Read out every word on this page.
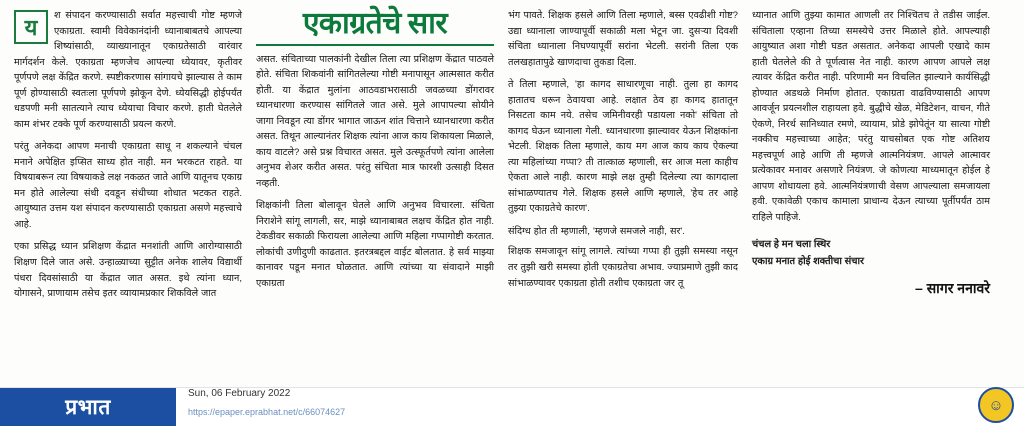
य	श संपादन करण्यासाठी सर्वात महत्त्वाची गोष्ट म्हणजे एकाग्रता. स्वामी विवेकानंदांनी ध्यानाबाबतचे आपल्या शिष्यांसाठी, व्याख्यानातून एकाग्रतेसाठी वारंवार मार्गदर्शन केले. एकाग्रता म्हणजेच आपल्या ध्येयावर, कृतीवर पूर्णपणे लक्ष केंद्रित करणे. स्पष्टीकरणास सांगायचे झाल्यास ते काम पूर्ण होण्यासाठी स्वतःला पूर्णपणे झोकून देणे. ध्येयसिद्धी होईपर्यंत धडपणी मनी सातत्याने त्याच ध्येयाचा विचार करणे. हाती घेतलेले काम शंभर टक्के पूर्ण करण्यासाठी प्रयत्न करणे.

परंतु अनेकदा आपण मनाची एकाग्रता साधू न शकल्याने चंचल मनाने अपेक्षित इप्सित साध्य होत नाही. मन भरकटत राहते. या विषयाबरून त्या विषयाकडे लक्ष नकळत जाते आणि यातूनच एकाग्र मन होते आलेल्या संधी दवडून संधीच्या शोधात भटकत राहते. आयुष्यात उत्तम यश संपादन करण्यासाठी एकाग्रता असणे महत्त्वाचे आहे.

एका प्रसिद्ध ध्यान प्रशिक्षण केंद्रात मनशांती आणि आरोग्यासाठी शिक्षण दिले जात असे. उन्हाळ्याच्या सुट्टीत अनेक शालेय विद्यार्थी पंधरा दिवसांसाठी या केंद्रात जात असत. इथे त्यांना ध्यान, योगासने, प्राणायाम तसेच इतर व्यायामप्रकार शिकविले जात

एकाग्रतेचे सार

असत. संचिताच्या पालकांनी देखील तिला त्या प्रशिक्षण केंद्रात पाठवले होते. संचिता शिकवांनी सांगितलेल्या गोष्टी मनापासून आत्मसात करीत होती. या केंद्रात मुलांना आठवडाभरासाठी जवळच्या डोंगरावर ध्यानधारणा करण्यास सांगितले जात असे. मुले आपापल्या सोयीने जागा निवडून त्या डोंगर भागात जाऊन शांत चित्ताने ध्यानधारणा करीत असत. तिथून आल्यानंतर शिक्षक त्यांना आज काय शिकायला मिळाले, काय वाटले? असे प्रश्न विचारत असत. मुले उत्स्फूर्तपणे त्यांना आलेला अनुभव शेअर करीत असत. परंतु संचिता मात्र फारशी उत्साही दिसत नव्हती.

शिक्षकांनी तिला बोलावून घेतले आणि अनुभव विचारला. संचिता निराशेने सांगू लागली, सर, माझे ध्यानाबाबत लक्षच केंद्रित होत नाही. टेकडीवर सकाळी फिरायला आलेल्या आणि महिला गप्पागोष्टी करतात. लोकांची उणीदुणी काढतात. इतरत्रबद्दल वाईट बोलतात. हे सर्व माझ्या कानावर पडून मनात घोळतात. आणि त्यांच्या या संवादाने माझी एकाग्रता

भंग पावते. शिक्षक हसले आणि तिला म्हणाले, बस्स एवढीशी गोष्ट? उद्या ध्यानाला जाण्यापूर्वी सकाळी मला भेटून जा. दुसऱ्या दिवशी संचिता ध्यानाला निघण्यापूर्वी सरांना भेटली. सरांनी तिला एक तलखहातापुढे खाणदाचा तुकडा दिला.

ते तिला म्हणाले, 'हा कागद साधारणूचा नाही. तुला हा कागद हातातच धरून ठेवायचा आहे. लक्षात ठेव हा कागद हातातून निसटता काम नये. तसेच जमिनीवरही पडायला नको' संचिता तो कागद घेऊन ध्यानाला गेली. ध्यानधारणा झाल्यावर येऊन शिक्षकांना भेटली. शिक्षक तिला म्हणाले, काय मग आज काय काय ऐकल्या त्या महिलांच्या गप्पा? ती तात्काळ म्हणाली, सर आज मला काहीच ऐकता आले नाही. कारण माझे लक्ष तुम्ही दिलेल्या त्या कागदाला सांभाळण्यातच गेले. शिक्षक हसले आणि म्हणाले, 'हेच तर आहे तुझ्या एकाग्रतेचे कारण'.

संदिग्ध होत ती म्हणाली, 'म्हणजे समजले नाही, सर'.

शिक्षक समजावून सांगू लागले. त्यांच्या गप्पा ही तुझी समस्या नसून तर तुझी खरी समस्या होती एकाग्रतेचा अभाव. ज्याप्रमाणे तुझी काद सांभाळण्यावर एकाग्रता होती तशीच एकाग्रता जर तू

ध्यानात आणि तुझ्या कामात आणली तर निश्चितच ते तडीस जाईल. संचिताला एव्हाना तिच्या समस्येचे उत्तर मिळाले होते. आपल्याही आयुष्यात अशा गोष्टी घडत असतात. अनेकदा आपली एखादे काम हाती घेतलेले की ते पूर्णत्वास नेत नाही. कारण आपण आपले लक्ष त्यावर केंद्रित करीत नाही. परिणामी मन विचलित झाल्याने कार्यसिद्धी होण्यात अडथळे निर्माण होतात. एकाग्रता वाढविण्यासाठी आपण आवर्जून प्रयत्नशील राहायला हवे. बुद्धीचे खेळ, मेडिटेशन, वाचन, गीते ऐकणे, निरर्थ सानिध्यात रमणे, व्यायाम, प्रोडे झोपेतूंन या सात्या गोष्टी नक्कीच महत्त्वाच्या आहेत; परंतु याचसोबत एक गोष्ट अतिशय महत्त्वपूर्ण आहे आणि ती म्हणजे आत्मनियंत्रण. आपले आत्मावर प्रत्येकावर मनावर असणारे नियंत्रण. जे कोणत्या माध्यमातून होईल हे आपण शोधायला हवे. आत्मनियंत्रणाची वेसण आपल्याला समजायला हवी. एकावेळी एकाच कामाला प्राधान्य देऊन त्याच्या पूर्तीपर्यंत ठाम राहिले पाहिजे.

चंचल हे मन चला स्थिर
एकाग्र मनात होई शक्तीचा संचार
– सागर ननावरे
प्रभात
Sun, 06 February 2022
https://epaper.eprabhat.net/c/66074627	☺
